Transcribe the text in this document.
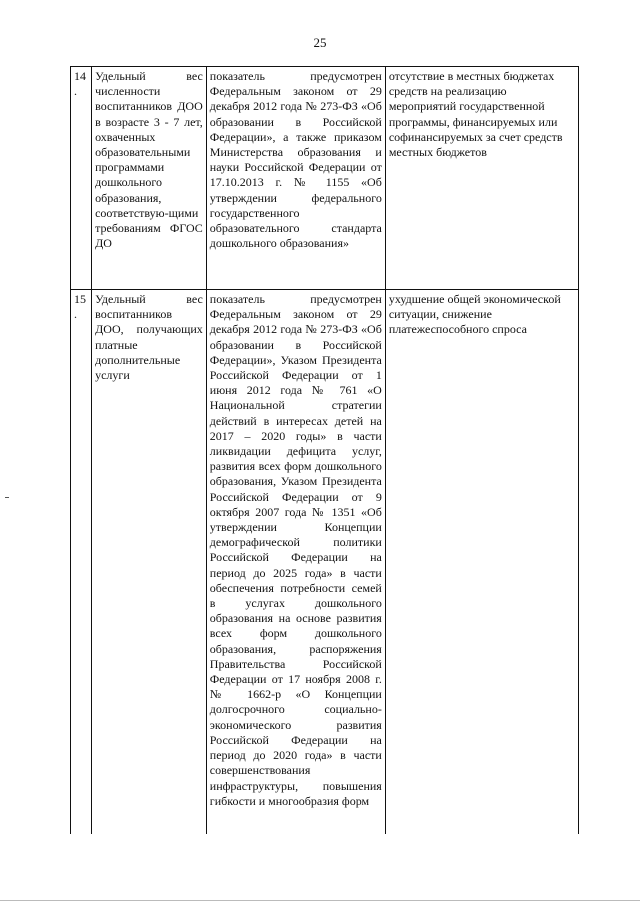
25
14.	Удельный вес численности воспитанников ДОО в возрасте 3 - 7 лет, охваченных образовательными программами дошкольного образования, соответствую-щими требованиям ФГОС ДО	показатель предусмотрен Федеральным законом от 29 декабря 2012 года № 273-ФЗ «Об образовании в Российской Федерации», а также приказом Министерства образования и науки Российской Федерации от 17.10.2013 г. № 1155 «Об утверждении федерального государственного образовательного стандарта дошкольного образования»	отсутствие в местных бюджетах средств на реализацию мероприятий государственной программы, финансируемых или софинансируемых за счет средств местных бюджетов
15.	Удельный вес воспитанников ДОО, получающих платные дополнительные услуги	показатель предусмотрен Федеральным законом от 29 декабря 2012 года № 273-ФЗ «Об образовании в Российской Федерации», Указом Президента Российской Федерации от 1 июня 2012 года № 761 «О Национальной стратегии действий в интересах детей на 2017 – 2020 годы» в части ликвидации дефицита услуг, развития всех форм дошкольного образования, Указом Президента Российской Федерации от 9 октября 2007 года № 1351 «Об утверждении Концепции демографической политики Российской Федерации на период до 2025 года» в части обеспечения потребности семей в услугах дошкольного образования на основе развития всех форм дошкольного образования, распоряжения Правительства Российской Федерации от 17 ноября 2008 г. № 1662-р «О Концепции долгосрочного социально-экономического развития Российской Федерации на период до 2020 года» в части совершенствования инфраструктуры, повышения гибкости и многообразия форм	ухудшение общей экономической ситуации, снижение платежеспособного спроса
